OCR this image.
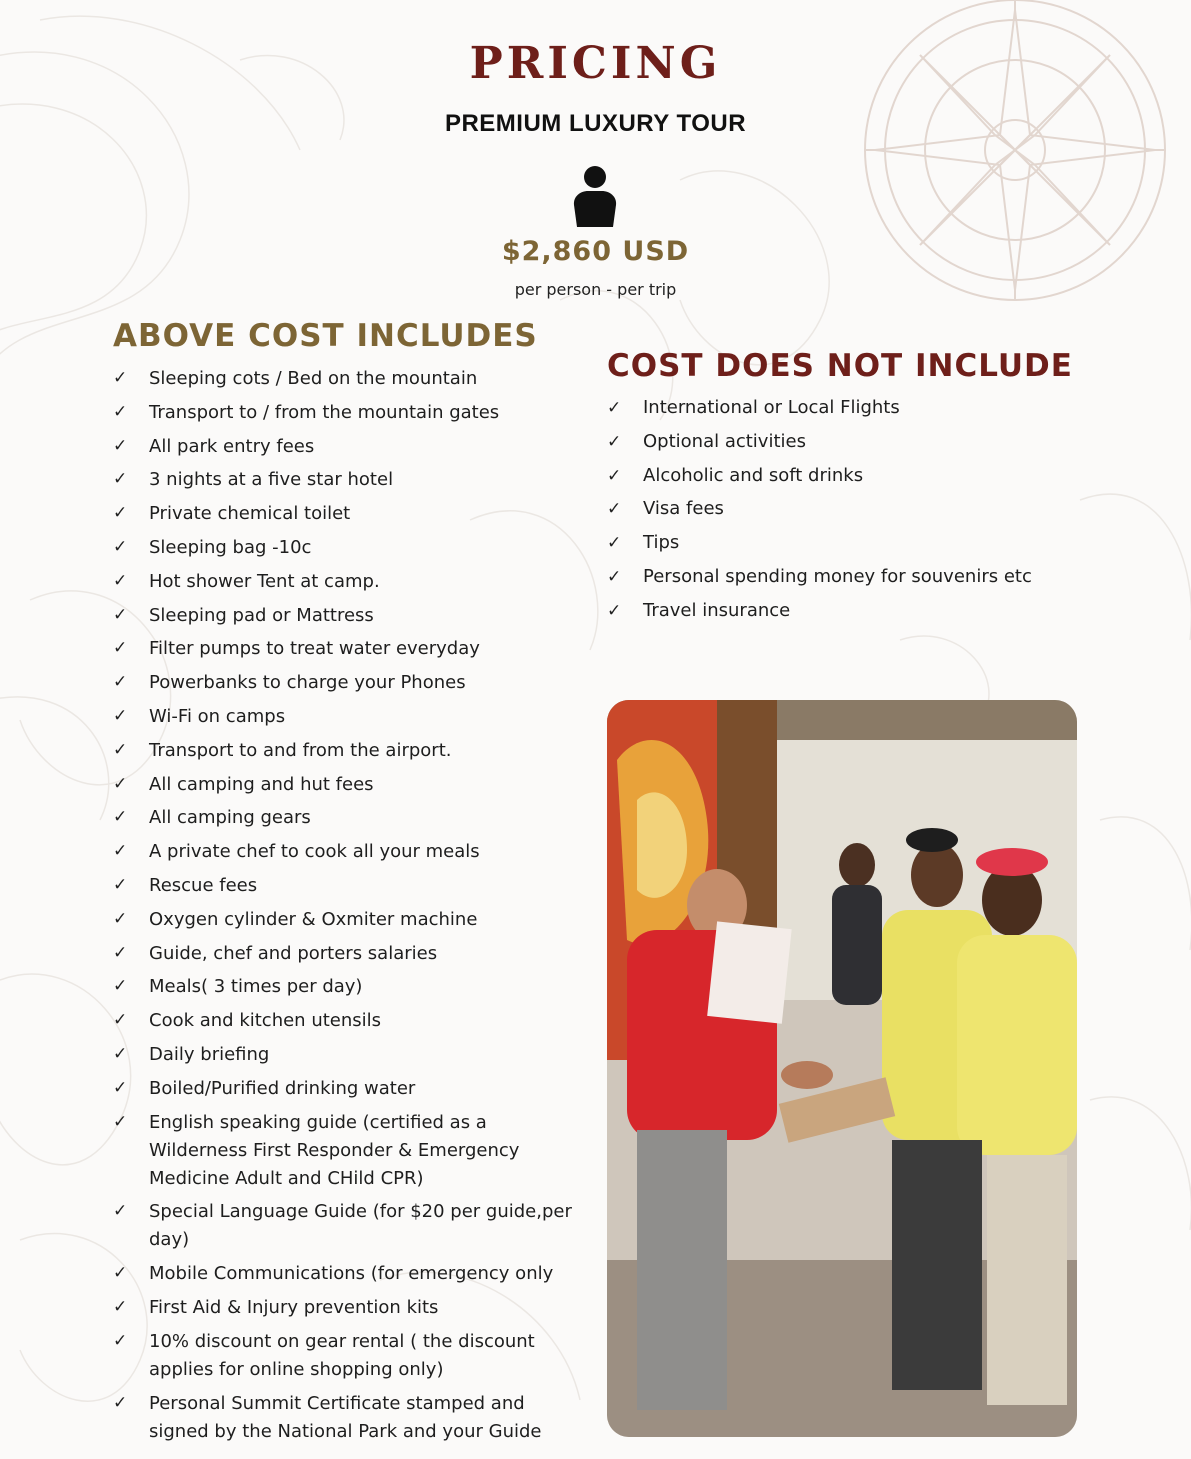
PRICING
PREMIUM LUXURY TOUR
$2,860 USD
per person - per trip
ABOVE COST INCLUDES
✓ Sleeping cots / Bed on the mountain
✓ Transport to / from the mountain gates
✓ All park entry fees
✓ 3 nights at a five star hotel
✓ Private chemical toilet
✓ Sleeping bag -10c
✓ Hot shower Tent at camp.
✓ Sleeping pad or Mattress
✓ Filter pumps to treat water everyday
✓ Powerbanks to charge your Phones
✓ Wi-Fi on camps
✓ Transport to and from the airport.
✓ All camping and hut fees
✓ All camping gears
✓ A private chef to cook all your meals
✓ Rescue fees
✓ Oxygen cylinder & Oxmiter machine
✓ Guide, chef and porters salaries
✓ Meals( 3 times per day)
✓ Cook and kitchen utensils
✓ Daily briefing
✓ Boiled/Purified drinking water
✓ English speaking guide (certified as a Wilderness First Responder & Emergency Medicine Adult and CHild CPR)
✓ Special Language Guide (for $20 per guide,per day)
✓ Mobile Communications (for emergency only
✓ First Aid & Injury prevention kits
✓ 10% discount on gear rental ( the discount applies for online shopping only)
✓ Personal Summit Certificate stamped and signed by the National Park and your Guide
COST DOES NOT INCLUDE
✓ International or Local Flights
✓ Optional activities
✓ Alcoholic and soft drinks
✓ Visa fees
✓ Tips
✓ Personal spending money for souvenirs etc
✓ Travel insurance
